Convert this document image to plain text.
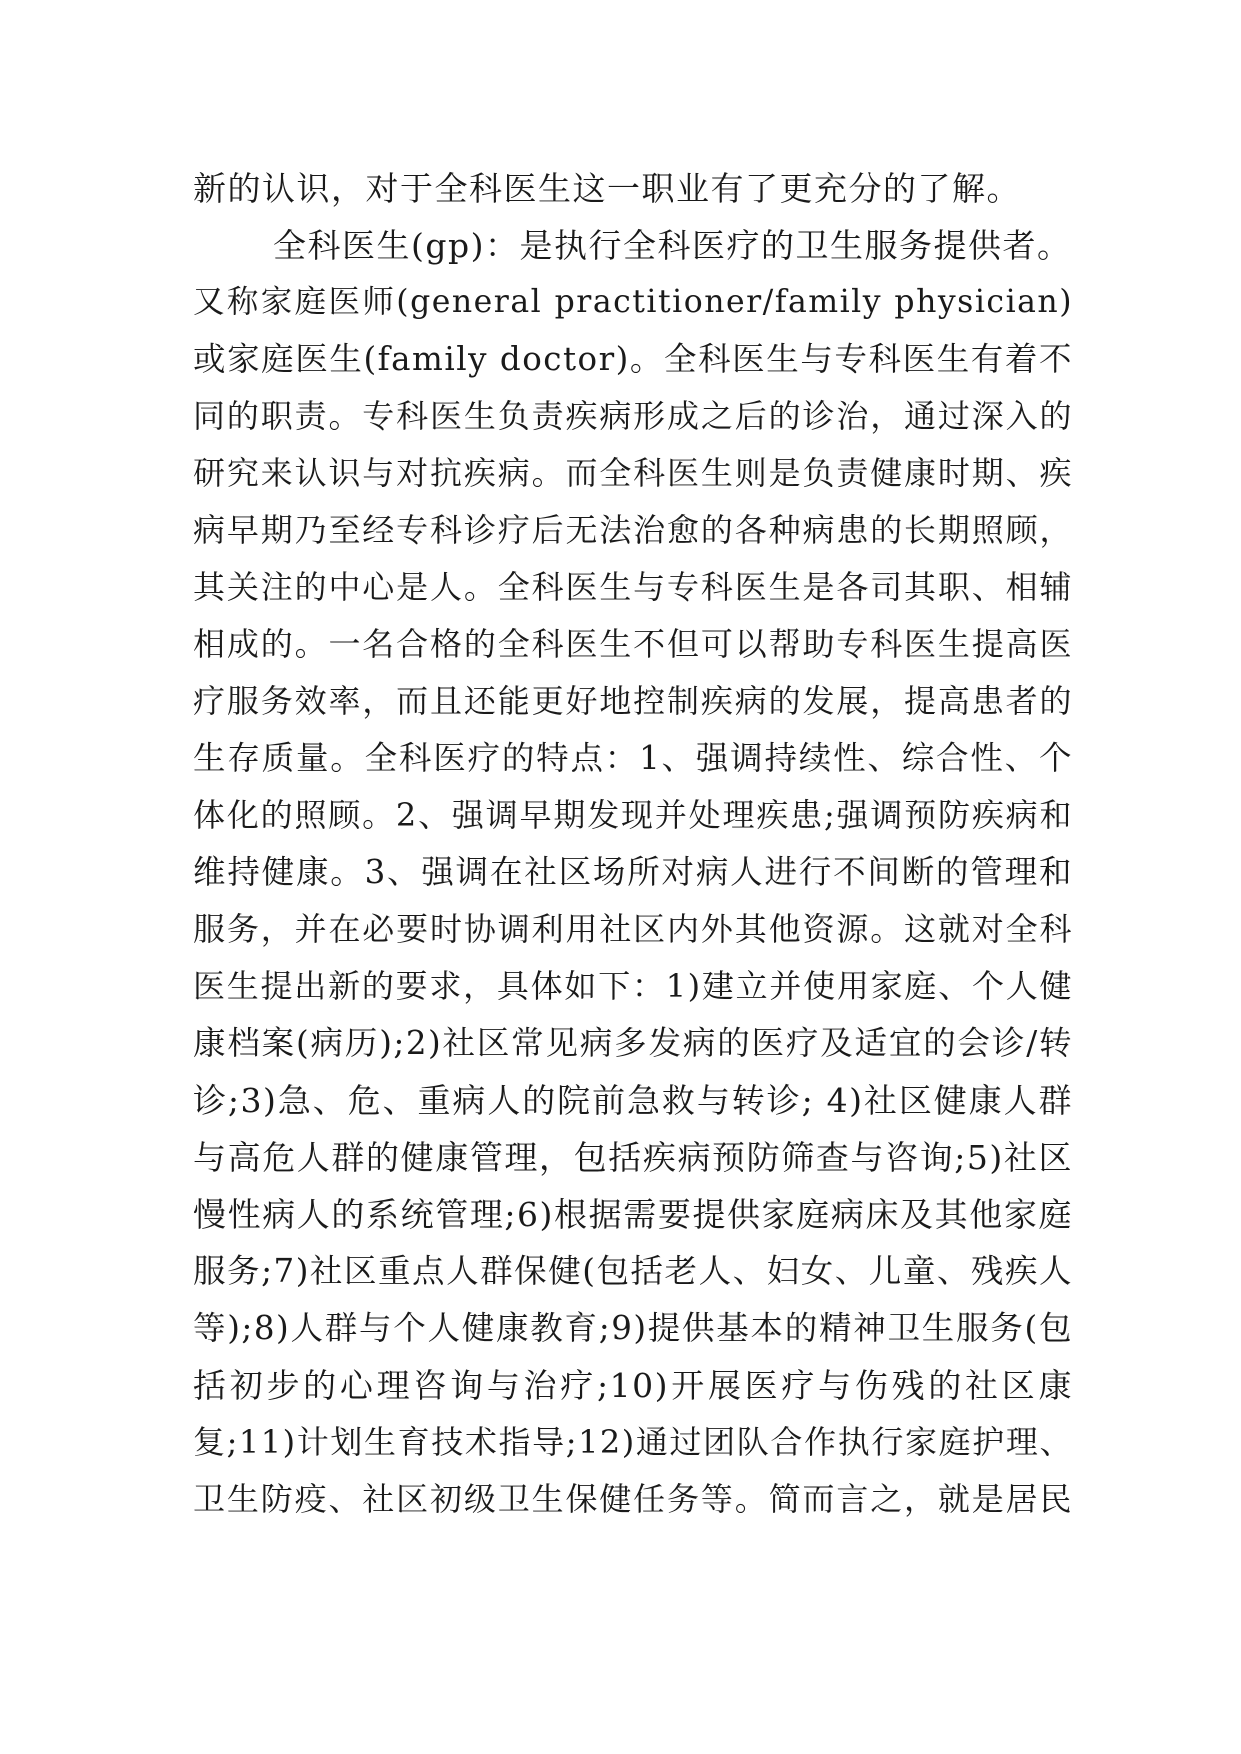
新的认识，对于全科医生这一职业有了更充分的了解。
全科医生(gp)：是执行全科医疗的卫生服务提供者。
又称家庭医师(general practitioner/family physician)
或家庭医生(family doctor)。全科医生与专科医生有着不
同的职责。专科医生负责疾病形成之后的诊治，通过深入的
研究来认识与对抗疾病。而全科医生则是负责健康时期、疾
病早期乃至经专科诊疗后无法治愈的各种病患的长期照顾，
其关注的中心是人。全科医生与专科医生是各司其职、相辅
相成的。一名合格的全科医生不但可以帮助专科医生提高医
疗服务效率，而且还能更好地控制疾病的发展，提高患者的
生存质量。全科医疗的特点：1、强调持续性、综合性、个
体化的照顾。2、强调早期发现并处理疾患;强调预防疾病和
维持健康。3、强调在社区场所对病人进行不间断的管理和
服务，并在必要时协调利用社区内外其他资源。这就对全科
医生提出新的要求，具体如下：1)建立并使用家庭、个人健
康档案(病历);2)社区常见病多发病的医疗及适宜的会诊/转
诊;3)急、危、重病人的院前急救与转诊; 4)社区健康人群
与高危人群的健康管理，包括疾病预防筛查与咨询;5)社区
慢性病人的系统管理;6)根据需要提供家庭病床及其他家庭
服务;7)社区重点人群保健(包括老人、妇女、儿童、残疾人
等);8)人群与个人健康教育;9)提供基本的精神卫生服务(包
括初步的心理咨询与治疗;10)开展医疗与伤残的社区康
复;11)计划生育技术指导;12)通过团队合作执行家庭护理、
卫生防疫、社区初级卫生保健任务等。简而言之，就是居民
